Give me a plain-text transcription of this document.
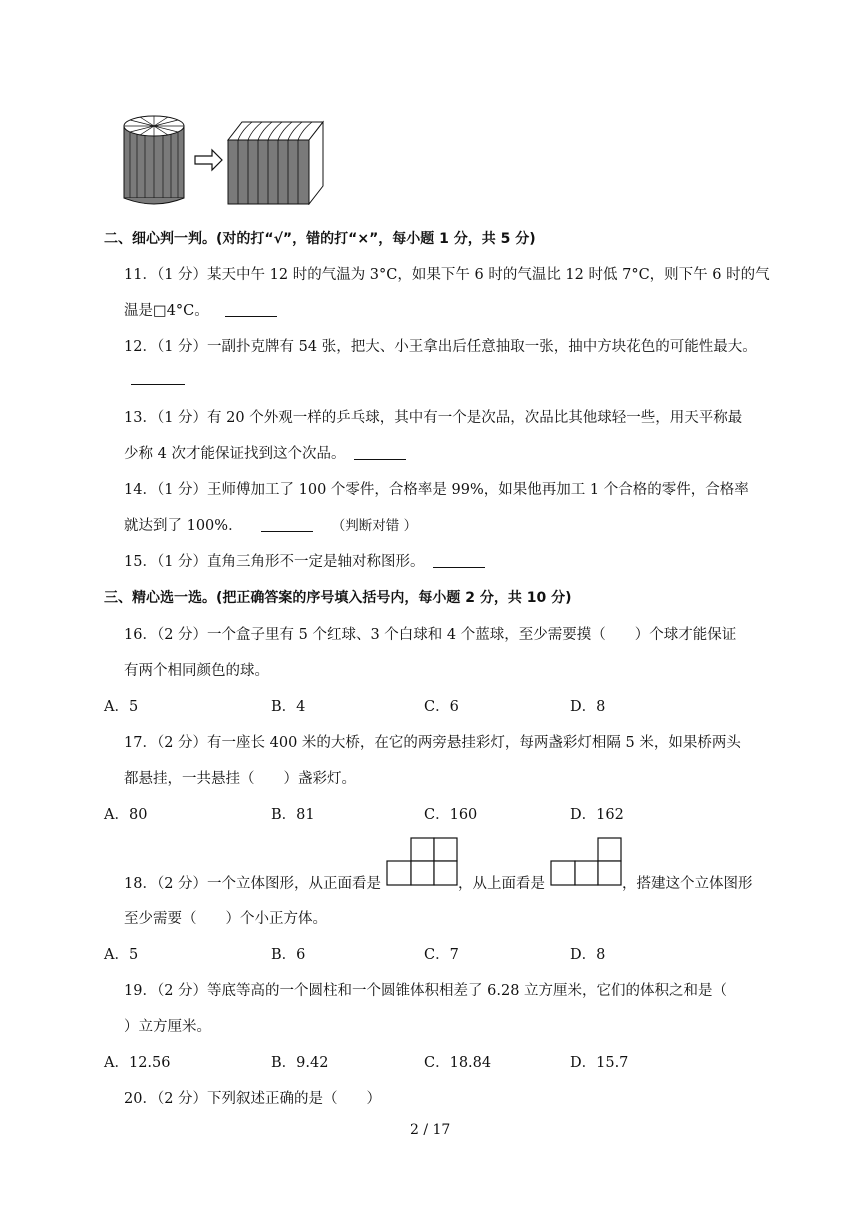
二、细心判一判。(对的打“√”，错的打“×”，每小题 1 分，共 5 分)
11．（1 分）某天中午 12 时的气温为 3°C，如果下午 6 时的气温比 12 时低 7°C，则下午 6 时的气
温是□4°C。
12．（1 分）一副扑克牌有 54 张，把大、小王拿出后任意抽取一张，抽中方块花色的可能性最大。
13．（1 分）有 20 个外观一样的乒乓球，其中有一个是次品，次品比其他球轻一些，用天平称最
少称 4 次才能保证找到这个次品。
14．（1 分）王师傅加工了 100 个零件，合格率是 99%，如果他再加工 1 个合格的零件，合格率
就达到了 100%．	（判断对错 ）
15．（1 分）直角三角形不一定是轴对称图形。
三、精心选一选。(把正确答案的序号填入括号内，每小题 2 分，共 10 分)
16．（2 分）一个盒子里有 5 个红球、3 个白球和 4 个蓝球，至少需要摸（　　）个球才能保证
有两个相同颜色的球。
A．5	B．4	C．6	D．8
17．（2 分）有一座长 400 米的大桥，在它的两旁悬挂彩灯，每两盏彩灯相隔 5 米，如果桥两头
都悬挂，一共悬挂（　　）盏彩灯。
A．80	B．81	C．160	D．162
18．（2 分）一个立体图形，从正面看是	，从上面看是	，搭建这个立体图形
至少需要（　　）个小正方体。
A．5	B．6	C．7	D．8
19．（2 分）等底等高的一个圆柱和一个圆锥体积相差了 6.28 立方厘米，它们的体积之和是（
）立方厘米。
A．12.56	B．9.42	C．18.84	D．15.7
20．（2 分）下列叙述正确的是（　　）
2 / 17
